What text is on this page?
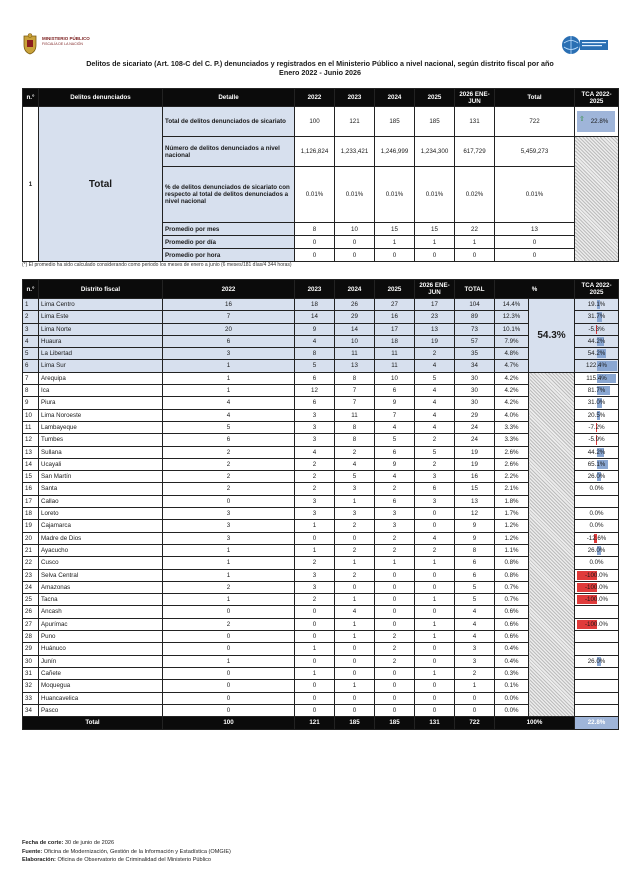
MINISTERIO PÚBLICO
FISCALÍA DE LA NACIÓN
Delitos de sicariato (Art. 108-C del C. P.) denunciados y registrados en el Ministerio Público a nivel nacional, según distrito fiscal por año
Enero 2022 - Junio 2026
n.°	Delitos denunciados	Detalle	2022	2023	2024	2025	2026 ENE-JUN	Total	TCA 2022-2025
1	Total	Total de delitos denunciados de sicariato	100	121	185	185	131	722	⇧ 22.8%

		Número de delitos denunciados a nivel nacional	1,126,824	1,233,421	1,246,999	1,234,300	617,729	5,459,273	
		% de delitos denunciados de sicariato con respecto al total de delitos denunciados a nivel nacional	0.01%	0.01%	0.01%	0.01%	0.02%	0.01%	
		Promedio por mes	8	10	15	15	22	13	
		Promedio por día	0	0	1	1	1	0	
		Promedio por hora	0	0	0	0	0	0	
(*) El promedio ha sido calculado considerando como periodo los meses de enero a junio (6 meses/181 días/4 344 horas)
n.°	Distrito fiscal	2022	2023	2024	2025	2026 ENE-JUN	TOTAL	%		TCA 2022-2025
1	Lima Centro	16	18	26	27	17	104	14.4%	54.3%	19.1%
2	Lima Este	7	14	29	16	23	89	12.3%		31.7%
3	Lima Norte	20	9	14	17	13	73	10.1%		-5.3%
4	Huaura	6	4	10	18	19	57	7.9%		44.2%
5	La Libertad	3	8	11	11	2	35	4.8%		54.2%
6	Lima Sur	1	5	13	11	4	34	4.7%		122.4%
7	Arequipa	1	6	8	10	5	30	4.2%		115.4%
8	Ica	1	12	7	6	4	30	4.2%		81.7%
9	Piura	4	6	7	9	4	30	4.2%		31.0%
10	Lima Noroeste	4	3	11	7	4	29	4.0%		20.5%
11	Lambayeque	5	3	8	4	4	24	3.3%		-7.2%
12	Tumbes	6	3	8	5	2	24	3.3%		-5.9%
13	Sullana	2	4	2	6	5	19	2.6%		44.2%
14	Ucayali	2	2	4	9	2	19	2.6%		65.1%
15	San Martín	2	2	5	4	3	16	2.2%		26.0%
16	Santa	2	2	3	2	6	15	2.1%		0.0%
17	Callao	0	3	1	6	3	13	1.8%		
18	Loreto	3	3	3	3	0	12	1.7%		0.0%
19	Cajamarca	3	1	2	3	0	9	1.2%		0.0%
20	Madre de Dios	3	0	0	2	4	9	1.2%		-12.6%
21	Ayacucho	1	1	2	2	2	8	1.1%		26.0%
22	Cusco	1	2	1	1	1	6	0.8%		0.0%
23	Selva Central	1	3	2	0	0	6	0.8%		-100.0%
24	Amazonas	2	3	0	0	0	5	0.7%		-100.0%
25	Tacna	1	2	1	0	1	5	0.7%		-100.0%
26	Ancash	0	0	4	0	0	4	0.6%		
27	Apurímac	2	0	1	0	1	4	0.6%		-100.0%
28	Puno	0	0	1	2	1	4	0.6%		
29	Huánuco	0	1	0	2	0	3	0.4%		
30	Junín	1	0	0	2	0	3	0.4%		26.0%
31	Cañete	0	1	0	0	1	2	0.3%		
32	Moquegua	0	0	1	0	0	1	0.1%		
33	Huancavelica	0	0	0	0	0	0	0.0%		
34	Pasco	0	0	0	0	0	0	0.0%		
Total		100	121	185	185	131	722	100%		22.8%
Fecha de corte: 30 de junio de 2026
Fuente: Oficina de Modernización, Gestión de la Información y Estadística (OMGIE)
Elaboración: Oficina de Observatorio de Criminalidad del Ministerio Público
